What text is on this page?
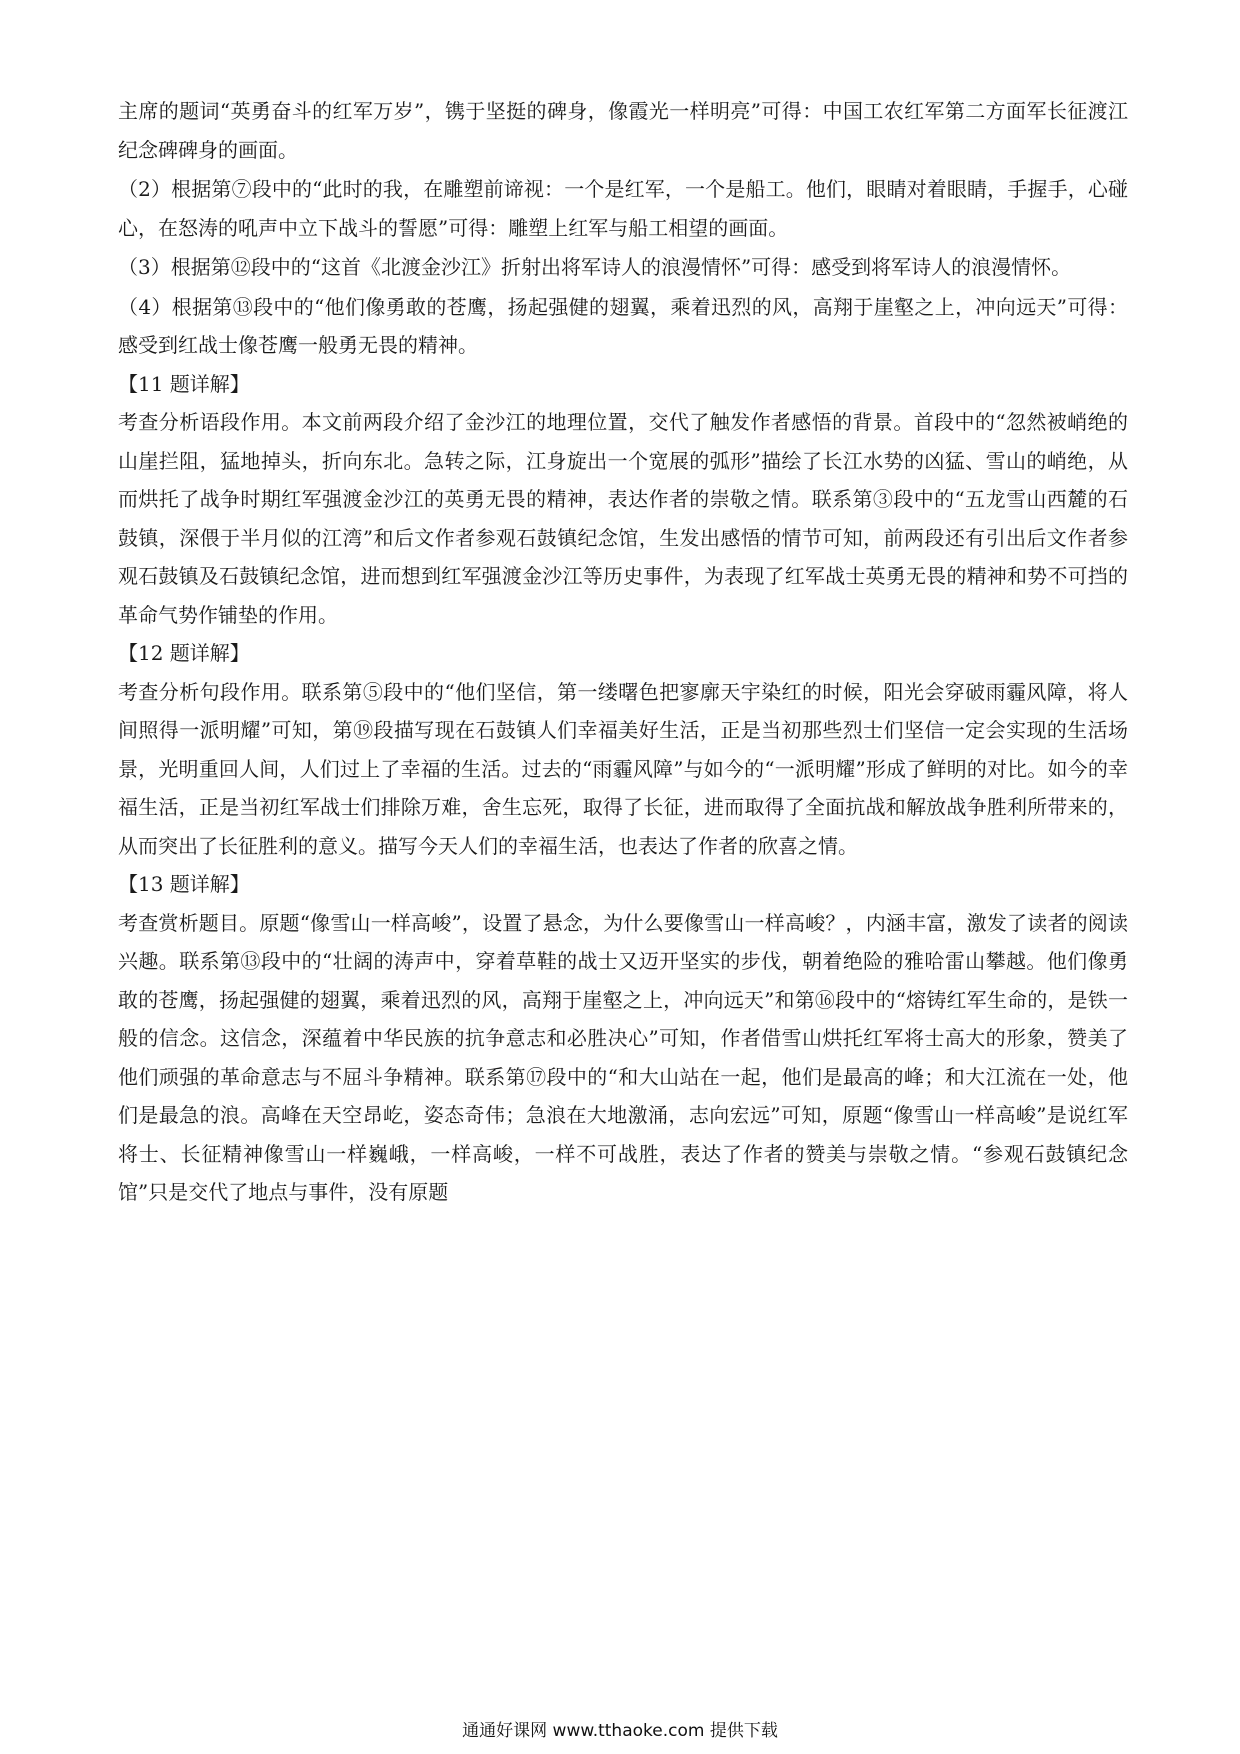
主席的题词“英勇奋斗的红军万岁”，镌于坚挺的碑身，像霞光一样明亮”可得：中国工农红军第二方面军长征渡江纪念碑碑身的画面。

（2）根据第⑦段中的“此时的我，在雕塑前谛视：一个是红军，一个是船工。他们，眼睛对着眼睛，手握手，心碰心，在怒涛的吼声中立下战斗的誓愿”可得：雕塑上红军与船工相望的画面。

（3）根据第⑫段中的“这首《北渡金沙江》折射出将军诗人的浪漫情怀”可得：感受到将军诗人的浪漫情怀。

（4）根据第⑬段中的“他们像勇敢的苍鹰，扬起强健的翅翼，乘着迅烈的风，高翔于崖壑之上，冲向远天”可得：感受到红战士像苍鹰一般勇无畏的精神。

【11 题详解】

考查分析语段作用。本文前两段介绍了金沙江的地理位置，交代了触发作者感悟的背景。首段中的“忽然被峭绝的山崖拦阻，猛地掉头，折向东北。急转之际，江身旋出一个宽展的弧形”描绘了长江水势的凶猛、雪山的峭绝，从而烘托了战争时期红军强渡金沙江的英勇无畏的精神，表达作者的崇敬之情。联系第③段中的“五龙雪山西麓的石鼓镇，深偎于半月似的江湾”和后文作者参观石鼓镇纪念馆，生发出感悟的情节可知，前两段还有引出后文作者参观石鼓镇及石鼓镇纪念馆，进而想到红军强渡金沙江等历史事件，为表现了红军战士英勇无畏的精神和势不可挡的革命气势作铺垫的作用。

【12 题详解】

考查分析句段作用。联系第⑤段中的“他们坚信，第一缕曙色把寥廓天宇染红的时候，阳光会穿破雨霾风障，将人间照得一派明耀”可知，第⑲段描写现在石鼓镇人们幸福美好生活，正是当初那些烈士们坚信一定会实现的生活场景，光明重回人间，人们过上了幸福的生活。过去的“雨霾风障”与如今的“一派明耀”形成了鲜明的对比。如今的幸福生活，正是当初红军战士们排除万难，舍生忘死，取得了长征，进而取得了全面抗战和解放战争胜利所带来的，从而突出了长征胜利的意义。描写今天人们的幸福生活，也表达了作者的欣喜之情。

【13 题详解】

考查赏析题目。原题“像雪山一样高峻”，设置了悬念，为什么要像雪山一样高峻？，内涵丰富，激发了读者的阅读兴趣。联系第⑬段中的“壮阔的涛声中，穿着草鞋的战士又迈开坚实的步伐，朝着绝险的雅哈雷山攀越。他们像勇敢的苍鹰，扬起强健的翅翼，乘着迅烈的风，高翔于崖壑之上，冲向远天”和第⑯段中的“熔铸红军生命的，是铁一般的信念。这信念，深蕴着中华民族的抗争意志和必胜决心”可知，作者借雪山烘托红军将士高大的形象，赞美了他们顽强的革命意志与不屈斗争精神。联系第⑰段中的“和大山站在一起，他们是最高的峰；和大江流在一处，他们是最急的浪。高峰在天空昂屹，姿态奇伟；急浪在大地激涌，志向宏远”可知，原题“像雪山一样高峻”是说红军将士、长征精神像雪山一样巍峨，一样高峻，一样不可战胜，表达了作者的赞美与崇敬之情。“参观石鼓镇纪念馆”只是交代了地点与事件，没有原题

通通好课网 www.tthaoke.com 提供下载
